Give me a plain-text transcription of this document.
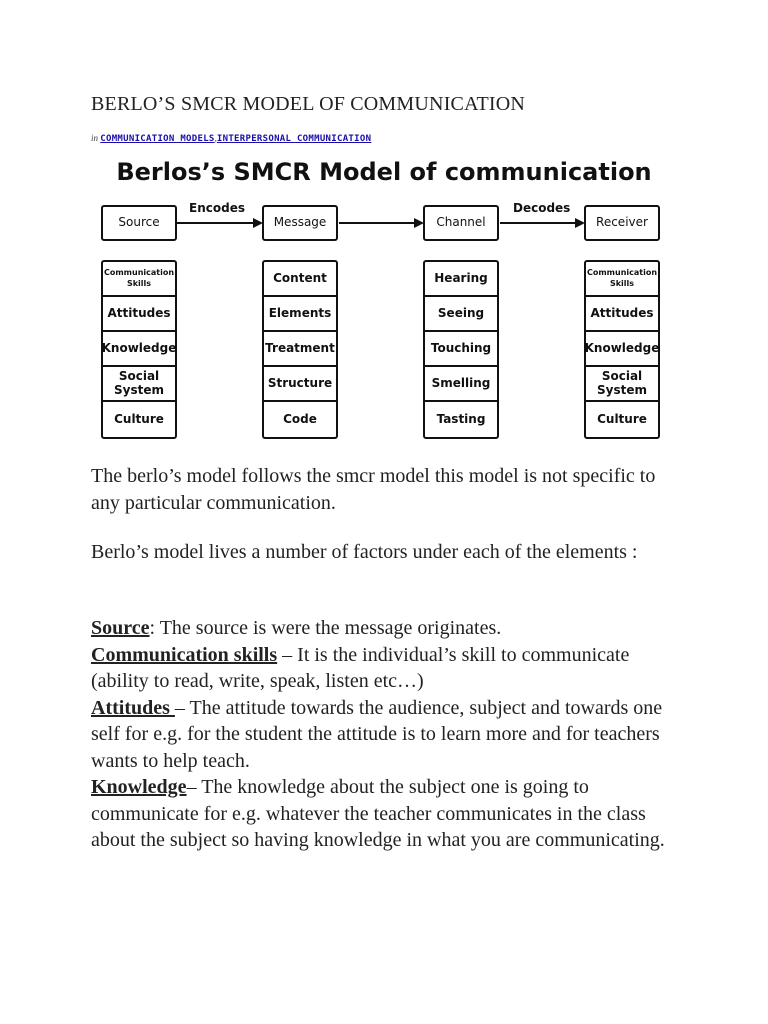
BERLO’S SMCR MODEL OF COMMUNICATION
in COMMUNICATION MODELS,INTERPERSONAL COMMUNICATION
Berlos’s SMCR Model of communication
Encodes	Decodes
Source	Message	Channel	Receiver
Communication Skills
Attitudes
Knowledge
Social System
Culture
Content
Elements
Treatment
Structure
Code
Hearing
Seeing
Touching
Smelling
Tasting
Communication Skills
Attitudes
Knowledge
Social System
Culture

The berlo’s model follows the smcr model this model is not specific to any particular communication.

Berlo’s model lives a number of factors under each of the elements :

Source: The source is were the message originates.
Communication skills – It is the individual’s skill to communicate (ability to read, write, speak, listen etc…)
Attitudes – The attitude towards the audience, subject and towards one self for e.g. for the student the attitude is to learn more and for teachers wants to help teach.
Knowledge– The knowledge about the subject one is going to communicate for e.g. whatever the teacher communicates in the class about the subject so having knowledge in what you are communicating.
